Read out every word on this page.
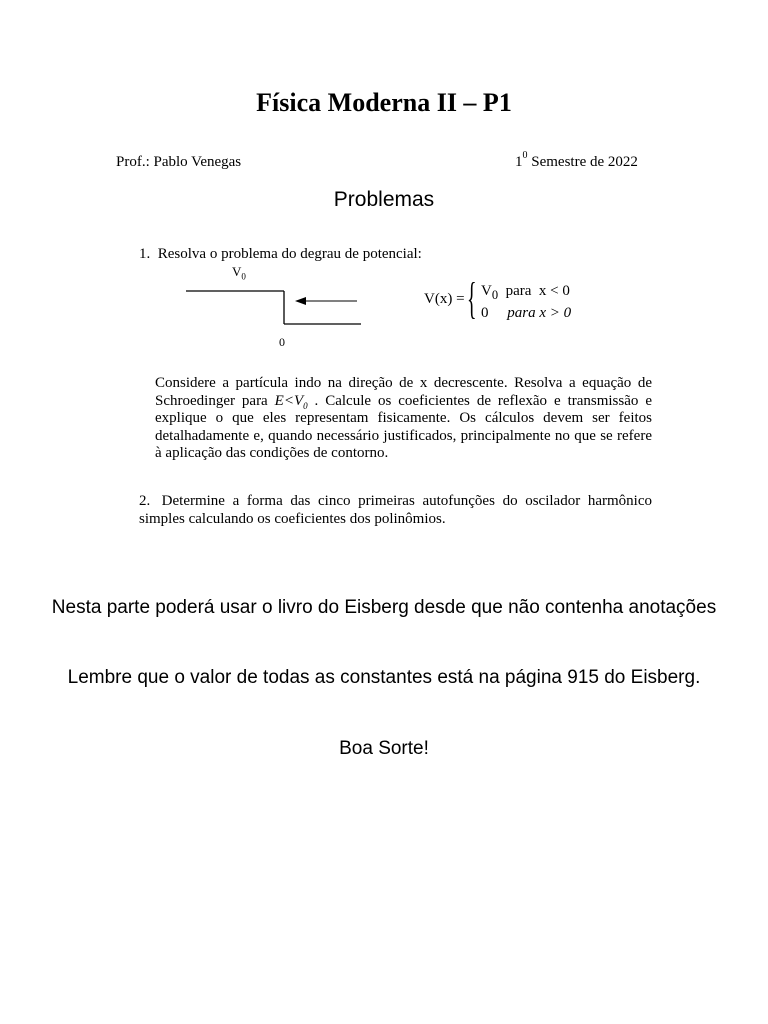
Física Moderna II – P1
Prof.: Pablo Venegas	$1^0$ Semestre de 2022
Problemas
1. Resolva o problema do degrau de potencial:
$V_0$
0
V(x) = { $V_0$  para  x < 0
0 para x > 0
Considere a partícula indo na direção de x decrescente. Resolva a equação de Schroedinger para $E<V_0$ . Calcule os coeficientes de reflexão e transmissão e explique o que eles representam fisicamente. Os cálculos devem ser feitos detalhadamente e, quando necessário justificados, principalmente no que se refere à aplicação das condições de contorno.
2. Determine a forma das cinco primeiras autofunções do oscilador harmônico simples calculando os coeficientes dos polinômios.
Nesta parte poderá usar o livro do Eisberg desde que não contenha anotações
Lembre que o valor de todas as constantes está na página 915 do Eisberg.
Boa Sorte!
